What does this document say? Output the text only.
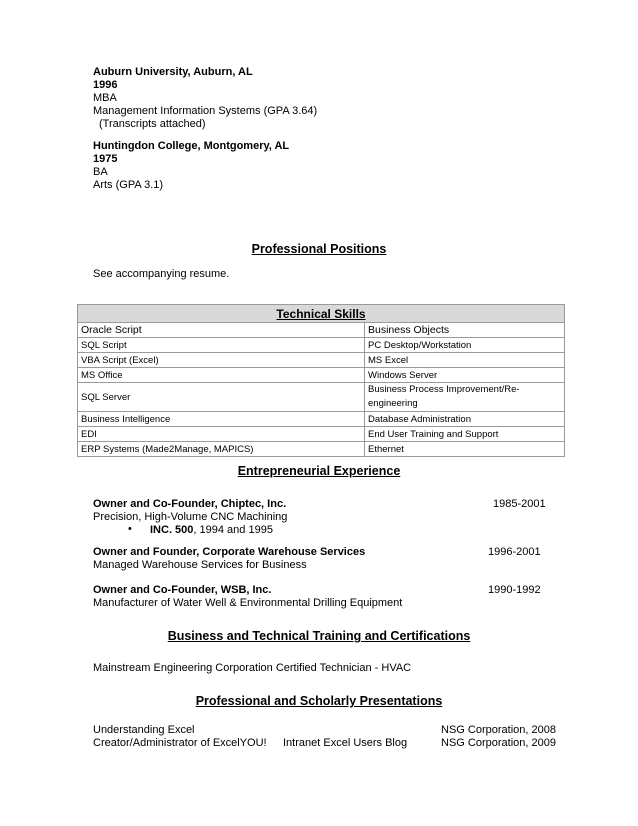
Auburn University, Auburn, AL
1996
MBA
Management Information Systems (GPA 3.64)
(Transcripts attached)
Huntingdon College, Montgomery, AL
1975
BA
Arts (GPA 3.1)
Professional Positions
See accompanying resume.
Technical Skills	
Oracle Script	Business Objects
SQL Script	PC Desktop/Workstation
VBA Script (Excel)	MS Excel
MS Office	Windows Server
SQL Server	Business Process Improvement/Re-engineering
Business Intelligence	Database Administration
EDI	End User Training and Support
ERP Systems (Made2Manage, MAPICS)	Ethernet
Entrepreneurial Experience
Owner and Co-Founder, Chiptec, Inc.	1985-2001
Precision, High-Volume CNC Machining
• INC. 500, 1994 and 1995
Owner and Founder, Corporate Warehouse Services	1996-2001
Managed Warehouse Services for Business
Owner and Co-Founder, WSB, Inc.	1990-1992
Manufacturer of Water Well & Environmental Drilling Equipment
Business and Technical Training and Certifications
Mainstream Engineering Corporation Certified Technician - HVAC
Professional and Scholarly Presentations
Understanding Excel	NSG Corporation, 2008
Creator/Administrator of ExcelYOU! Intranet Excel Users Blog	NSG Corporation, 2009
